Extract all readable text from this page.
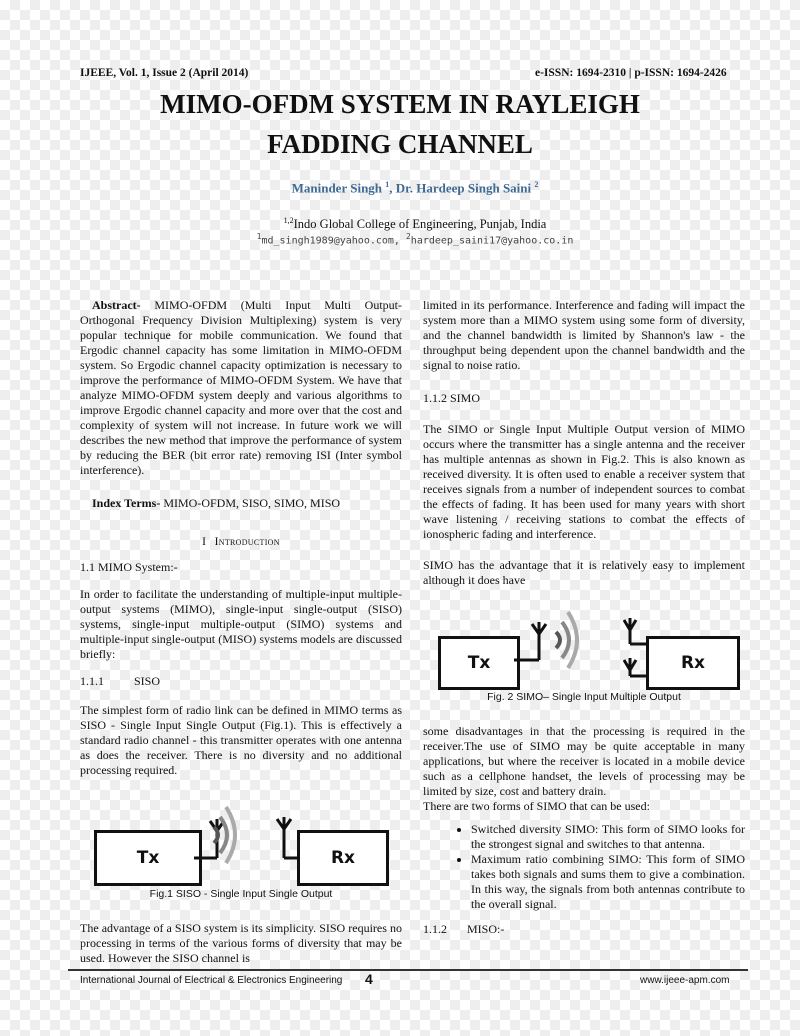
IJEEE, Vol. 1, Issue 2 (April 2014)	e-ISSN: 1694-2310 | p-ISSN: 1694-2426
MIMO-OFDM SYSTEM IN RAYLEIGH
FADDING CHANNEL
Maninder Singh $^1$, Dr. Hardeep Singh Saini $^2$
$^{1,2}$Indo Global College of Engineering, Punjab, India
$^1$md_singh1989@yahoo.com, $^2$hardeep_saini17@yahoo.co.in

Abstract- MIMO-OFDM (Multi Input Multi Output-Orthogonal Frequency Division Multiplexing) system is very popular technique for mobile communication. We found that Ergodic channel capacity has some limitation in MIMO-OFDM system. So Ergodic channel capacity optimization is necessary to improve the performance of MIMO-OFDM System. We have that analyze MIMO-OFDM system deeply and various algorithms to improve Ergodic channel capacity and more over that the cost and complexity of system will not increase. In future work we will describes the new method that improve the performance of system by reducing the BER (bit error rate) removing ISI (Inter symbol interference).

Index Terms- MIMO-OFDM, SISO, SIMO, MISO

I Introduction

1.1 MIMO System:-

In order to facilitate the understanding of multiple-input multiple-output systems (MIMO), single-input single-output (SISO) systems, single-input multiple-output (SIMO) systems and multiple-input single-output (MISO) systems models are discussed briefly:

1.1.1	SISO

The simplest form of radio link can be defined in MIMO terms as SISO - Single Input Single Output (Fig.1). This is effectively a standard radio channel - this transmitter operates with one antenna as does the receiver. There is no diversity and no additional processing required.

Tx	Rx
Fig.1 SISO - Single Input Single Output

The advantage of a SISO system is its simplicity. SISO requires no processing in terms of the various forms of diversity that may be used. However the SISO channel is

limited in its performance. Interference and fading will impact the system more than a MIMO system using some form of diversity, and the channel bandwidth is limited by Shannon's law - the throughput being dependent upon the channel bandwidth and the signal to noise ratio.

1.1.2 SIMO

The SIMO or Single Input Multiple Output version of MIMO occurs where the transmitter has a single antenna and the receiver has multiple antennas as shown in Fig.2. This is also known as received diversity. It is often used to enable a receiver system that receives signals from a number of independent sources to combat the effects of fading. It has been used for many years with short wave listening / receiving stations to combat the effects of ionospheric fading and interference.

SIMO has the advantage that it is relatively easy to implement although it does have

Tx	Rx
Fig. 2 SIMO– Single Input Multiple Output

some disadvantages in that the processing is required in the receiver.The use of SIMO may be quite acceptable in many applications, but where the receiver is located in a mobile device such as a cellphone handset, the levels of processing may be limited by size, cost and battery drain.

There are two forms of SIMO that can be used:

• Switched diversity SIMO: This form of SIMO looks for the strongest signal and switches to that antenna.
• Maximum ratio combining SIMO: This form of SIMO takes both signals and sums them to give a combination. In this way, the signals from both antennas contribute to the overall signal.

1.1.2 MISO:-

International Journal of Electrical & Electronics Engineering 4	www.ijeee-apm.com
